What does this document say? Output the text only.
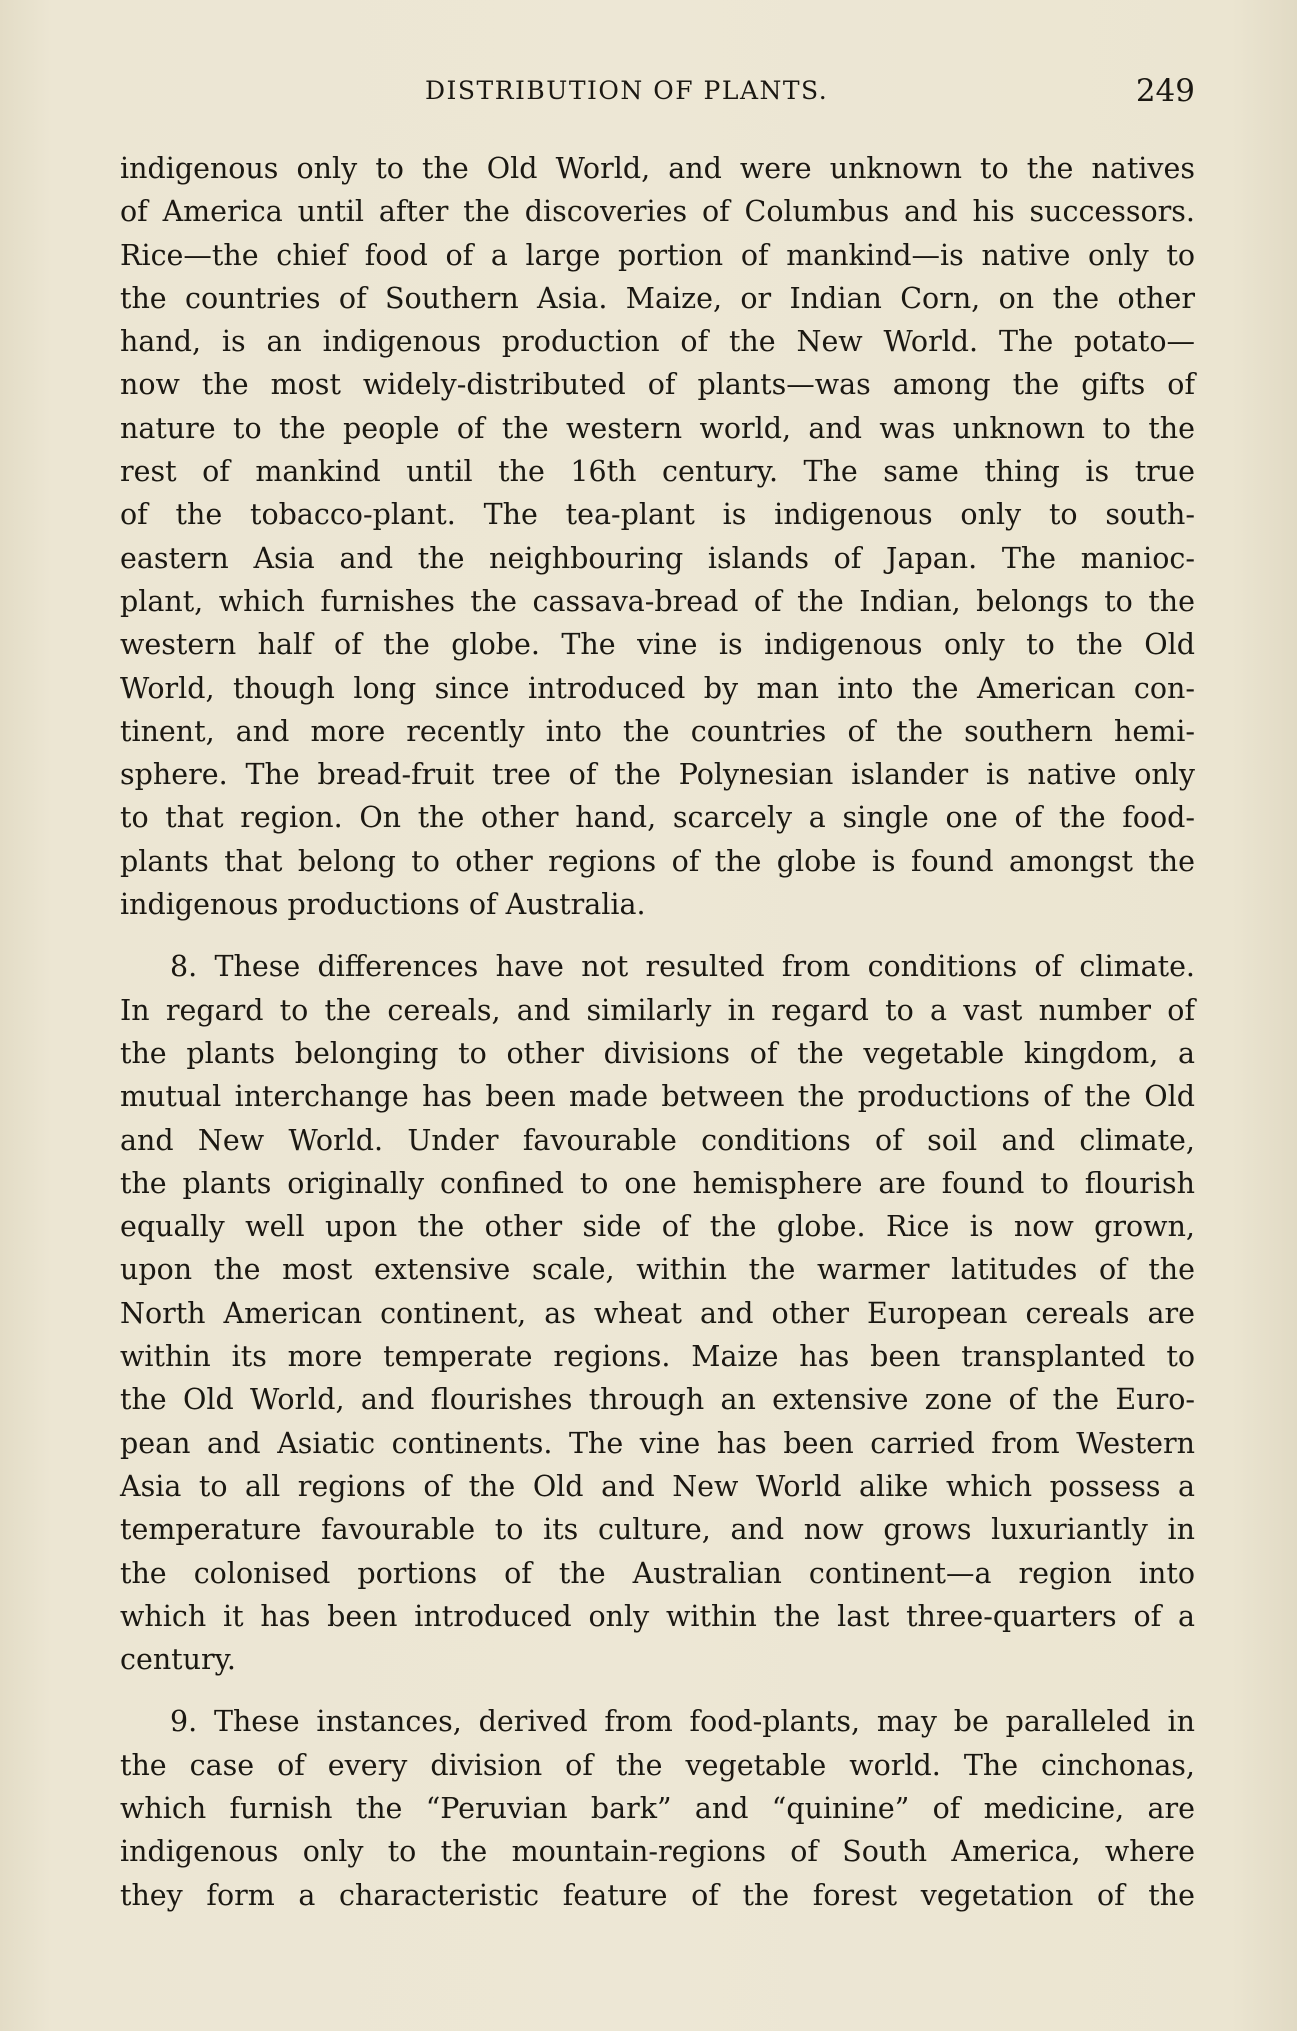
DISTRIBUTION OF PLANTS.	249
indigenous only to the Old World, and were unknown to the natives
of America until after the discoveries of Columbus and his successors.
Rice—the chief food of a large portion of mankind—is native only to
the countries of Southern Asia. Maize, or Indian Corn, on the other
hand, is an indigenous production of the New World. The potato—
now the most widely-distributed of plants—was among the gifts of
nature to the people of the western world, and was unknown to the
rest of mankind until the 16th century. The same thing is true
of the tobacco-plant. The tea-plant is indigenous only to south-
eastern Asia and the neighbouring islands of Japan. The manioc-
plant, which furnishes the cassava-bread of the Indian, belongs to the
western half of the globe. The vine is indigenous only to the Old
World, though long since introduced by man into the American con-
tinent, and more recently into the countries of the southern hemi-
sphere. The bread-fruit tree of the Polynesian islander is native only
to that region. On the other hand, scarcely a single one of the food-
plants that belong to other regions of the globe is found amongst the
indigenous productions of Australia.
8. These differences have not resulted from conditions of climate.
In regard to the cereals, and similarly in regard to a vast number of
the plants belonging to other divisions of the vegetable kingdom, a
mutual interchange has been made between the productions of the Old
and New World. Under favourable conditions of soil and climate,
the plants originally confined to one hemisphere are found to flourish
equally well upon the other side of the globe. Rice is now grown,
upon the most extensive scale, within the warmer latitudes of the
North American continent, as wheat and other European cereals are
within its more temperate regions. Maize has been transplanted to
the Old World, and flourishes through an extensive zone of the Euro-
pean and Asiatic continents. The vine has been carried from Western
Asia to all regions of the Old and New World alike which possess a
temperature favourable to its culture, and now grows luxuriantly in
the colonised portions of the Australian continent—a region into
which it has been introduced only within the last three-quarters of a
century.
9. These instances, derived from food-plants, may be paralleled in
the case of every division of the vegetable world. The cinchonas,
which furnish the “Peruvian bark” and “quinine” of medicine, are
indigenous only to the mountain-regions of South America, where
they form a characteristic feature of the forest vegetation of the
